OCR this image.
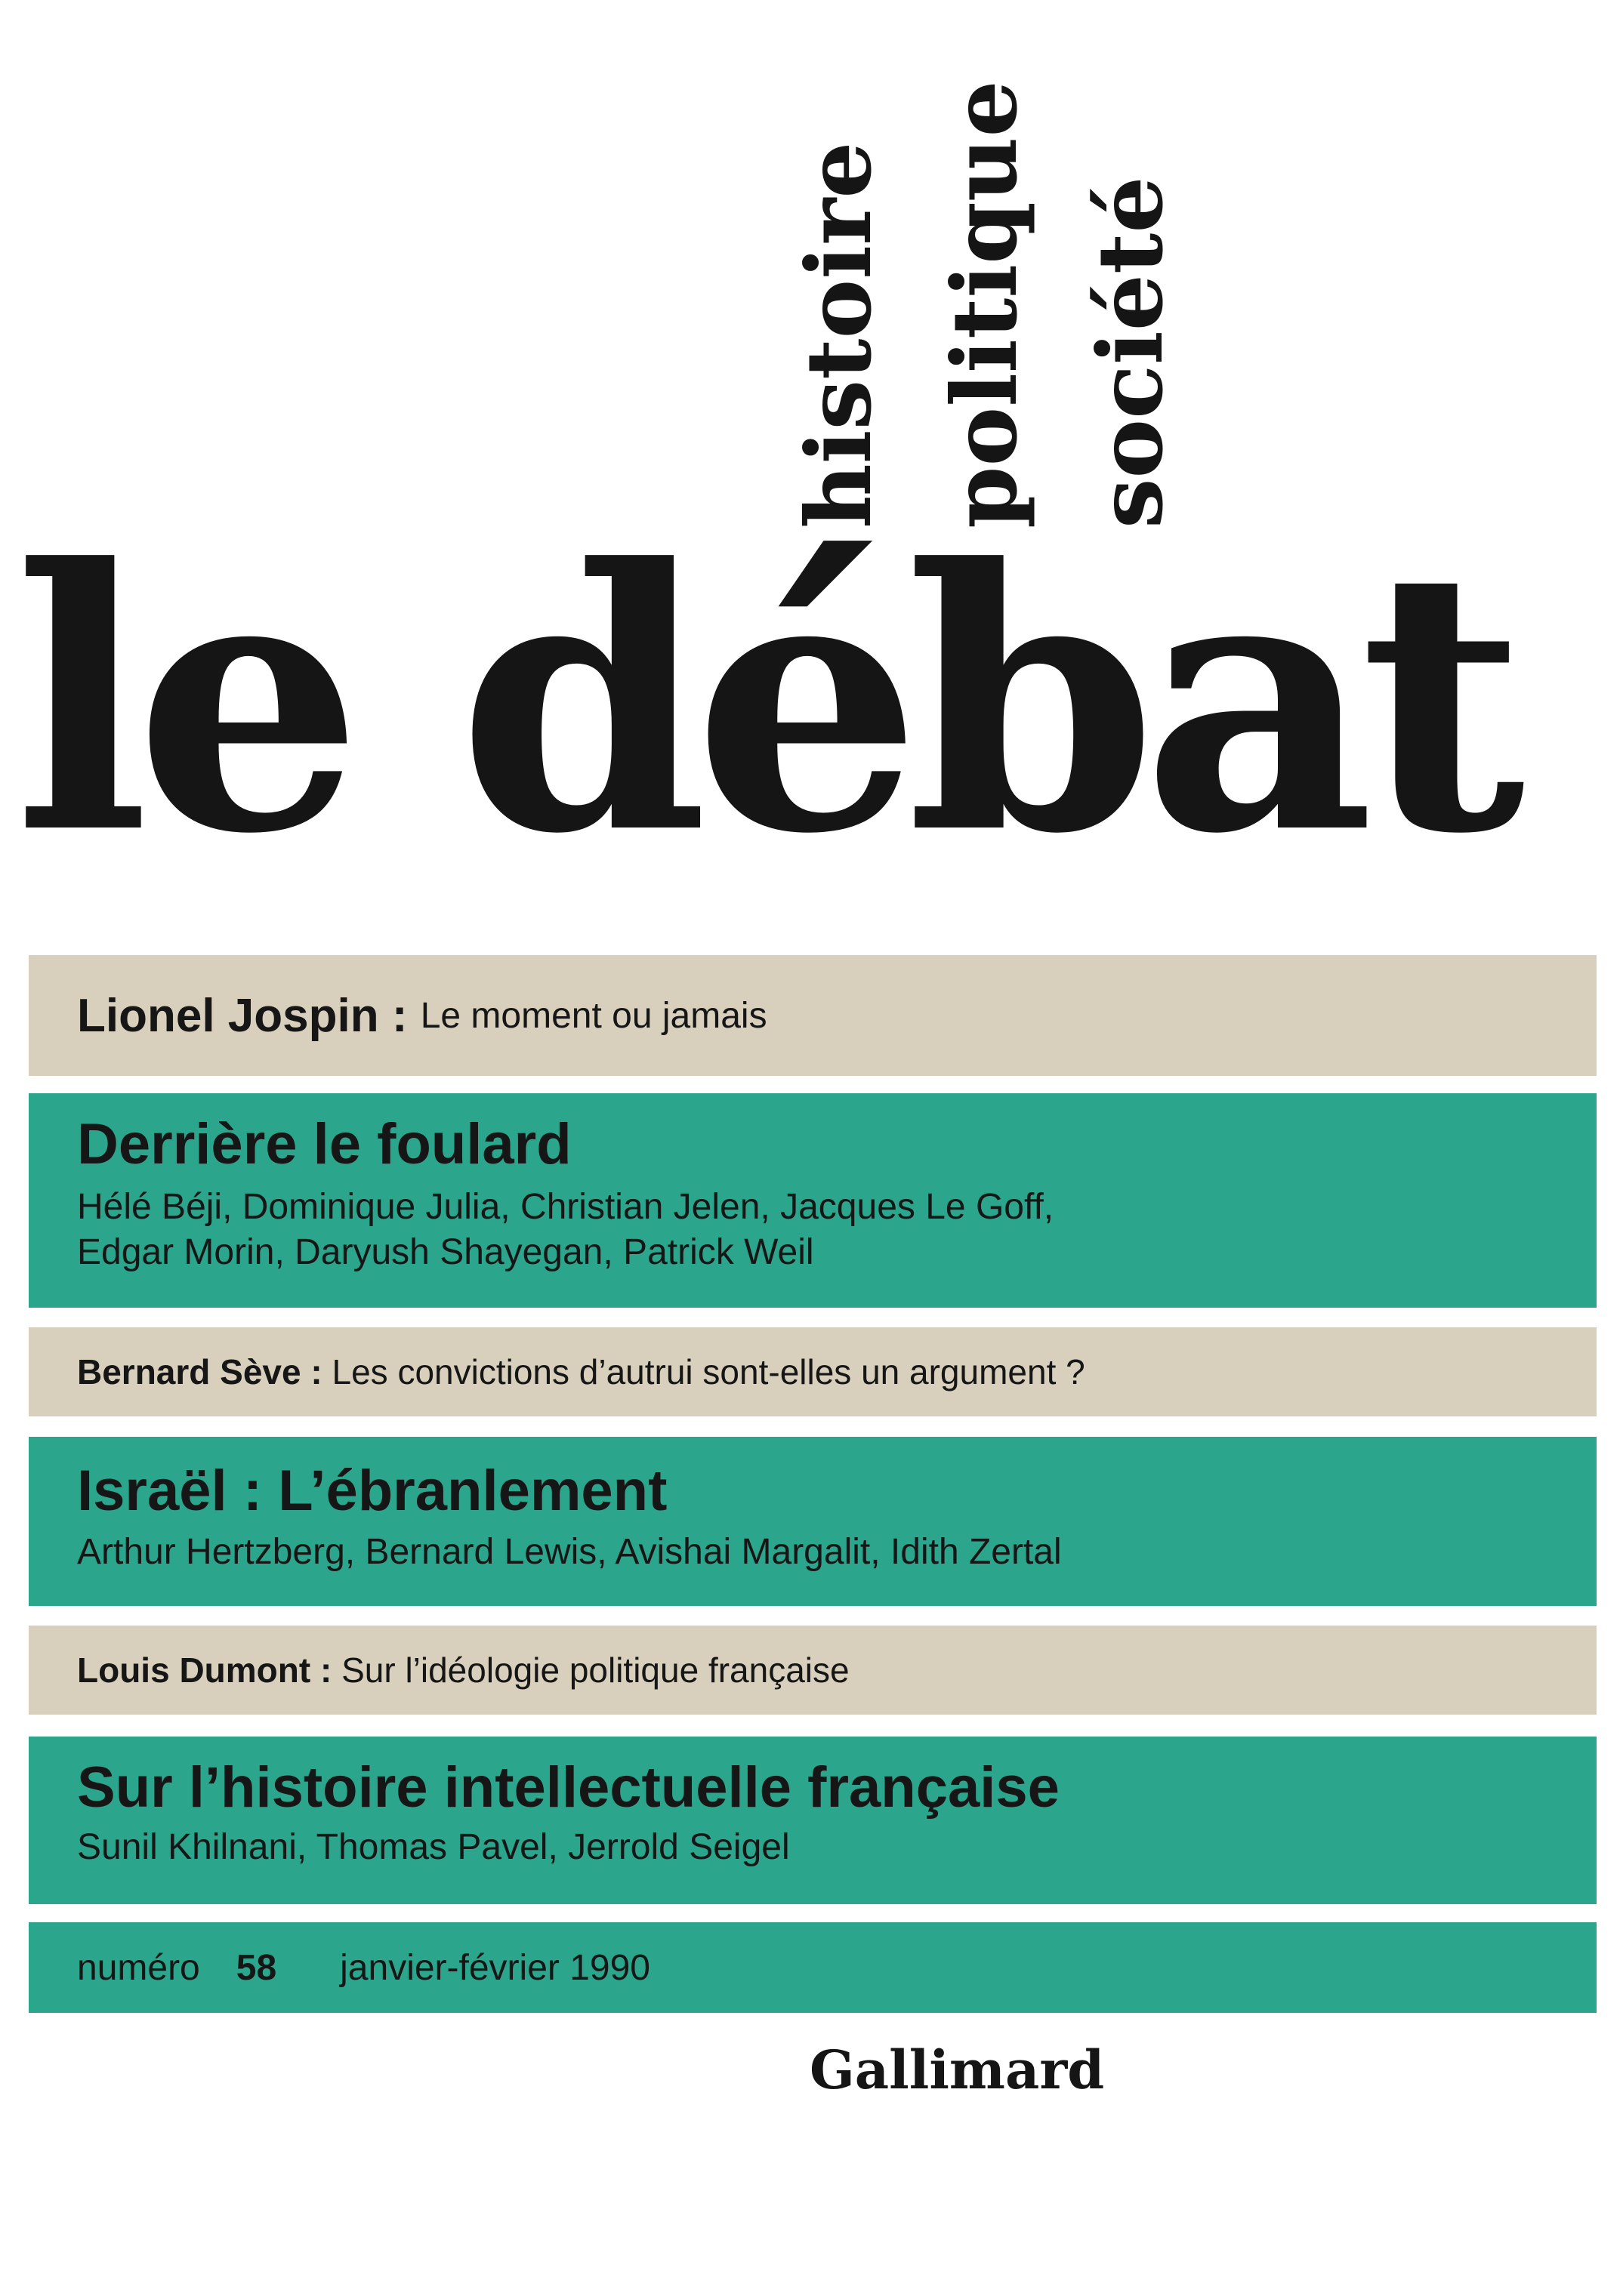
histoire politique société
le débat
Lionel Jospin : Le moment ou jamais
Derrière le foulard
Hélé Béji, Dominique Julia, Christian Jelen, Jacques Le Goff,
Edgar Morin, Daryush Shayegan, Patrick Weil
Bernard Sève : Les convictions d’autrui sont-elles un argument ?
Israël : L’ébranlement
Arthur Hertzberg, Bernard Lewis, Avishai Margalit, Idith Zertal
Louis Dumont : Sur l’idéologie politique française
Sur l’histoire intellectuelle française
Sunil Khilnani, Thomas Pavel, Jerrold Seigel
numéro 58 janvier-février 1990
Gallimard
